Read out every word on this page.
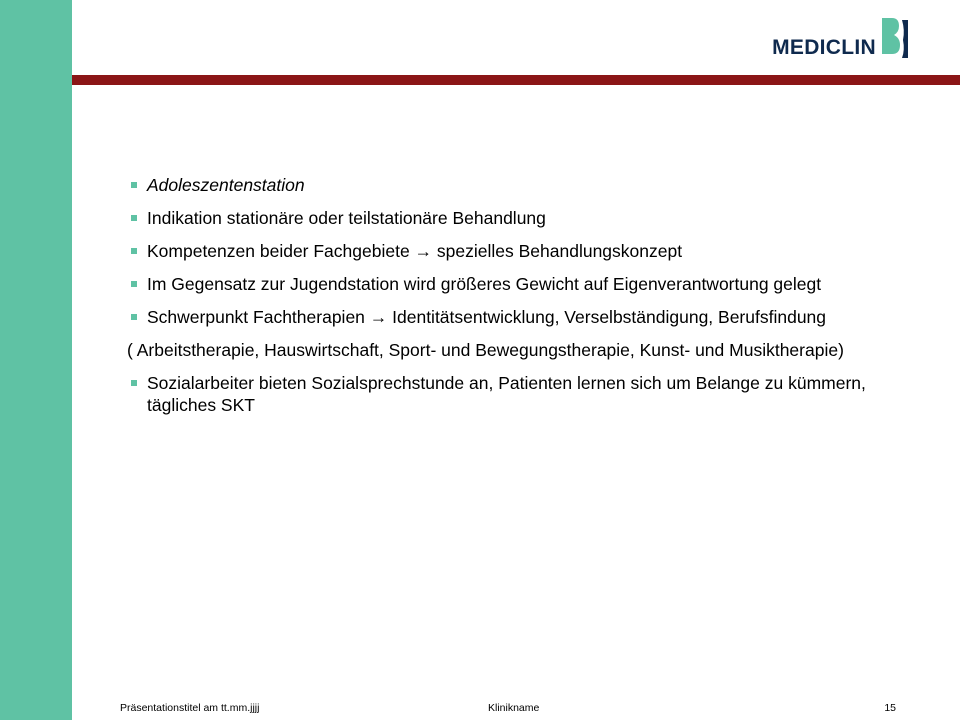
MEDICLIN
Adoleszentenstation
Indikation stationäre oder teilstationäre Behandlung
Kompetenzen beider Fachgebiete → spezielles Behandlungskonzept
Im Gegensatz zur Jugendstation wird größeres Gewicht auf Eigenverantwortung gelegt
Schwerpunkt Fachtherapien → Identitätsentwicklung, Verselbständigung, Berufsfindung
( Arbeitstherapie, Hauswirtschaft, Sport- und Bewegungstherapie, Kunst- und Musiktherapie)
Sozialarbeiter bieten Sozialsprechstunde an, Patienten lernen sich um Belange zu kümmern, tägliches SKT
Präsentationstitel am tt.mm.jjjj	Klinikname	15
